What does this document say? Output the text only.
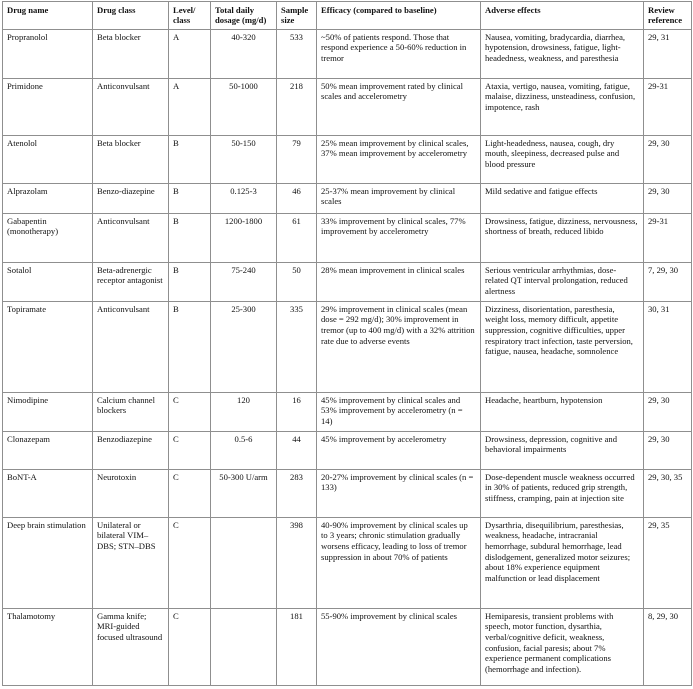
Drug name	Drug class	Level/ class	Total daily dosage (mg/d)	Sample size	Efficacy (compared to baseline)	Adverse effects	Review reference
Propranolol	Beta blocker	A	40-320	533	~50% of patients respond. Those that respond experience a 50-60% reduction in tremor	Nausea, vomiting, bradycardia, diarrhea, hypotension, drowsiness, fatigue, light-headedness, weakness, and paresthesia	29, 31
Primidone	Anticonvulsant	A	50-1000	218	50% mean improvement rated by clinical scales and accelerometry	Ataxia, vertigo, nausea, vomiting, fatigue, malaise, dizziness, unsteadiness, confusion, impotence, rash	29-31
Atenolol	Beta blocker	B	50-150	79	25% mean improvement by clinical scales, 37% mean improvement by accelerometry	Light-headedness, nausea, cough, dry mouth, sleepiness, decreased pulse and blood pressure	29, 30
Alprazolam	Benzo-diazepine	B	0.125-3	46	25-37% mean improvement by clinical scales	Mild sedative and fatigue effects	29, 30
Gabapentin (monotherapy)	Anticonvulsant	B	1200-1800	61	33% improvement by clinical scales, 77% improvement by accelerometry	Drowsiness, fatigue, dizziness, nervousness, shortness of breath, reduced libido	29-31
Sotalol	Beta-adrenergic receptor antagonist	B	75-240	50	28% mean improvement in clinical scales	Serious ventricular arrhythmias, dose-related QT interval prolongation, reduced alertness	7, 29, 30
Topiramate	Anticonvulsant	B	25-300	335	29% improvement in clinical scales (mean dose = 292 mg/d); 30% improvement in tremor (up to 400 mg/d) with a 32% attrition rate due to adverse events	Dizziness, disorientation, paresthesia, weight loss, memory difficult, appetite suppression, cognitive difficulties, upper respiratory tract infection, taste perversion, fatigue, nausea, headache, somnolence	30, 31
Nimodipine	Calcium channel blockers	C	120	16	45% improvement by clinical scales and 53% improvement by accelerometry (n = 14)	Headache, heartburn, hypotension	29, 30
Clonazepam	Benzodiazepine	C	0.5-6	44	45% improvement by accelerometry	Drowsiness, depression, cognitive and behavioral impairments	29, 30
BoNT-A	Neurotoxin	C	50-300 U/arm	283	20-27% improvement by clinical scales (n = 133)	Dose-dependent muscle weakness occurred in 30% of patients, reduced grip strength, stiffness, cramping, pain at injection site	29, 30, 35
Deep brain stimulation	Unilateral or bilateral VIM–DBS; STN–DBS	C		398	40-90% improvement by clinical scales up to 3 years; chronic stimulation gradually worsens efficacy, leading to loss of tremor suppression in about 70% of patients	Dysarthria, disequilibrium, paresthesias, weakness, headache, intracranial hemorrhage, subdural hemorrhage, lead dislodgement, generalized motor seizures; about 18% experience equipment malfunction or lead displacement	29, 35
Thalamotomy	Gamma knife; MRI-guided focused ultrasound	C		181	55-90% improvement by clinical scales	Hemiparesis, transient problems with speech, motor function, dysarthia, verbal/cognitive deficit, weakness, confusion, facial paresis; about 7% experience permanent complications (hemorrhage and infection).	8, 29, 30
